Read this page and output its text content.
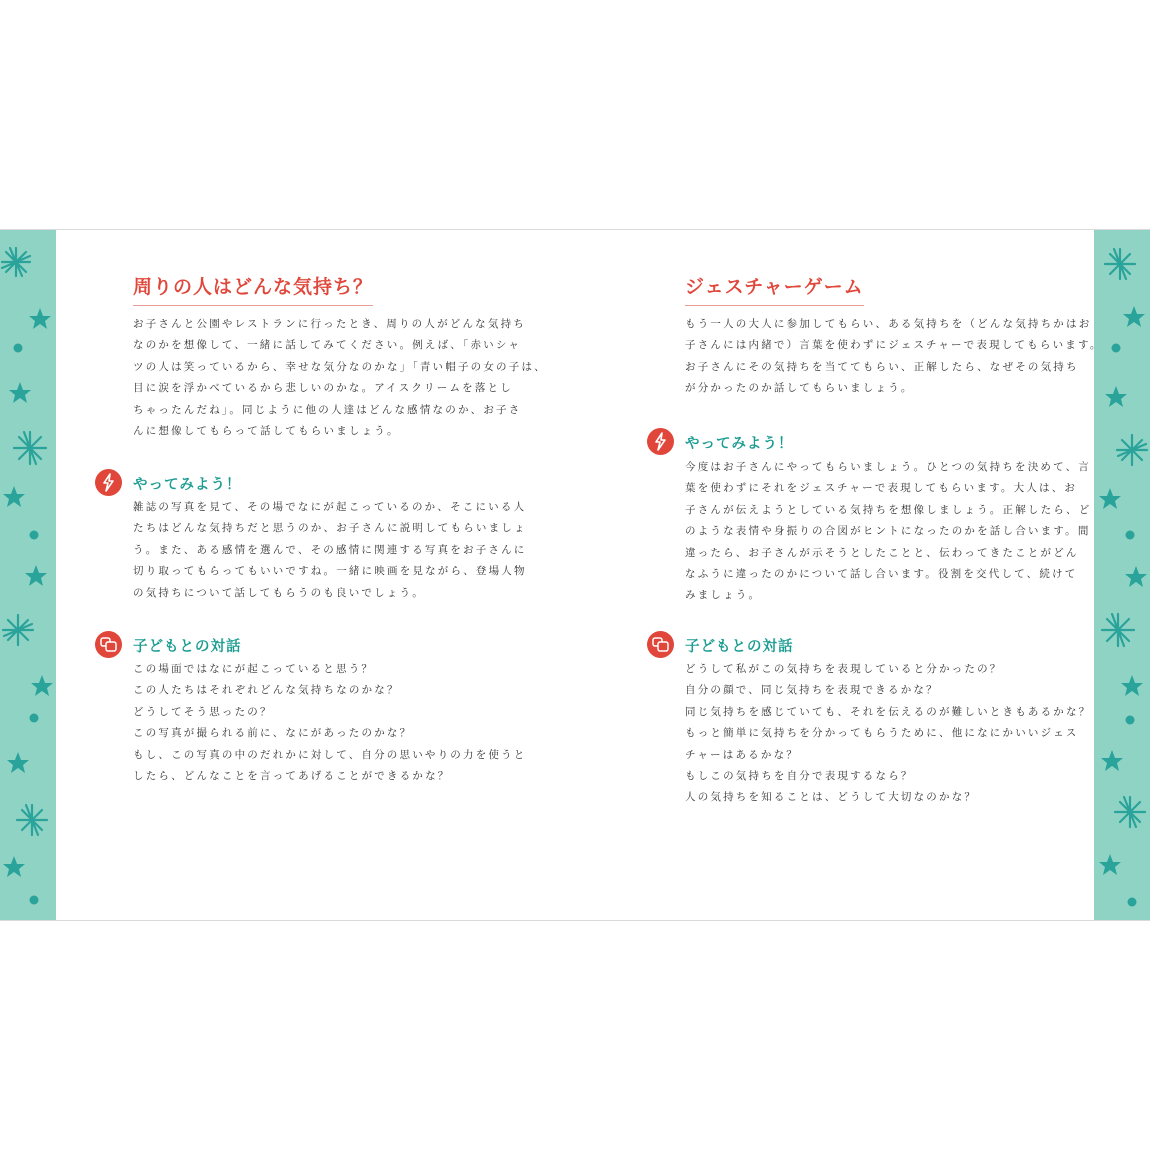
周りの人はどんな気持ち？

お子さんと公園やレストランに行ったとき、周りの人がどんな気持ち

なのかを想像して、一緒に話してみてください。例えば、「赤いシャ

ツの人は笑っているから、幸せな気分なのかな」「青い帽子の女の子は、

目に涙を浮かべているから悲しいのかな。アイスクリームを落とし

ちゃったんだね」。同じように他の人達はどんな感情なのか、お子さ

んに想像してもらって話してもらいましょう。

やってみよう！

雑誌の写真を見て、その場でなにが起こっているのか、そこにいる人

たちはどんな気持ちだと思うのか、お子さんに説明してもらいましょ

う。また、ある感情を選んで、その感情に関連する写真をお子さんに

切り取ってもらってもいいですね。一緒に映画を見ながら、登場人物

の気持ちについて話してもらうのも良いでしょう。

子どもとの対話

この場面ではなにが起こっていると思う？

この人たちはそれぞれどんな気持ちなのかな？

どうしてそう思ったの？

この写真が撮られる前に、なにがあったのかな？

もし、この写真の中のだれかに対して、自分の思いやりの力を使うと

したら、どんなことを言ってあげることができるかな？

ジェスチャーゲーム

もう一人の大人に参加してもらい、ある気持ちを（どんな気持ちかはお

子さんには内緒で）言葉を使わずにジェスチャーで表現してもらいます。

お子さんにその気持ちを当ててもらい、正解したら、なぜその気持ち

が分かったのか話してもらいましょう。

やってみよう！

今度はお子さんにやってもらいましょう。ひとつの気持ちを決めて、言

葉を使わずにそれをジェスチャーで表現してもらいます。大人は、お

子さんが伝えようとしている気持ちを想像しましょう。正解したら、ど

のような表情や身振りの合図がヒントになったのかを話し合います。間

違ったら、お子さんが示そうとしたことと、伝わってきたことがどん

なふうに違ったのかについて話し合います。役割を交代して、続けて

みましょう。

子どもとの対話

どうして私がこの気持ちを表現していると分かったの？

自分の顔で、同じ気持ちを表現できるかな？

同じ気持ちを感じていても、それを伝えるのが難しいときもあるかな？

もっと簡単に気持ちを分かってもらうために、他になにかいいジェス

チャーはあるかな？

もしこの気持ちを自分で表現するなら？

人の気持ちを知ることは、どうして大切なのかな？
